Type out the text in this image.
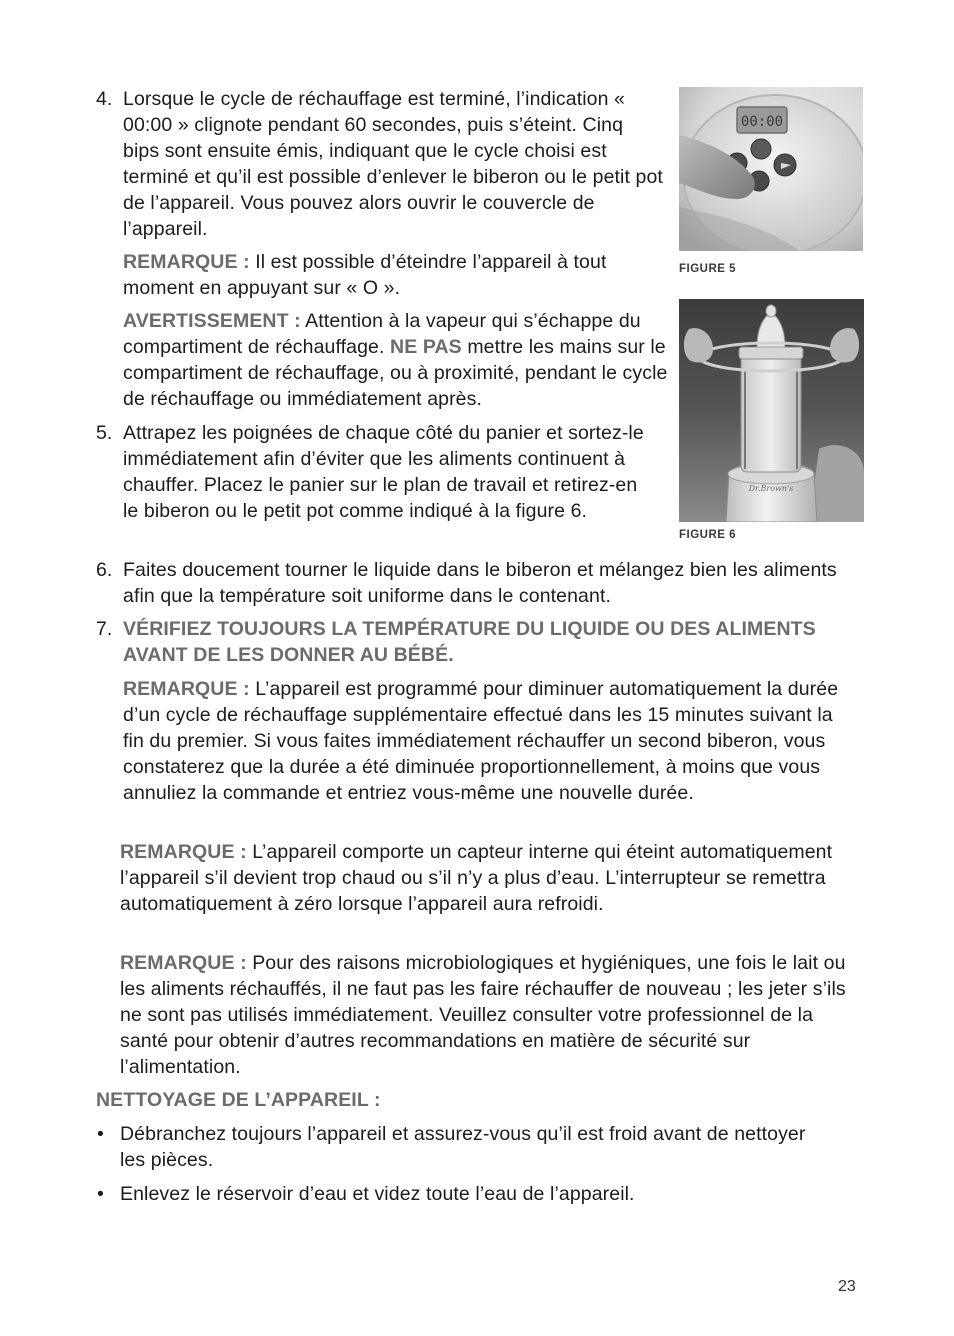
4. Lorsque le cycle de réchauffage est terminé, l’indication « 00:00 » clignote pendant 60 secondes, puis s’éteint. Cinq bips sont ensuite émis, indiquant que le cycle choisi est terminé et qu’il est possible d’enlever le biberon ou le petit pot de l’appareil. Vous pouvez alors ouvrir le couvercle de l’appareil.

REMARQUE : Il est possible d’éteindre l’appareil à tout moment en appuyant sur « O ».

AVERTISSEMENT : Attention à la vapeur qui s’échappe du compartiment de réchauffage. NE PAS mettre les mains sur le compartiment de réchauffage, ou à proximité, pendant le cycle de réchauffage ou immédiatement après.

5. Attrapez les poignées de chaque côté du panier et sortez-le immédiatement afin d’éviter que les aliments continuent à chauffer. Placez le panier sur le plan de travail et retirez-en le biberon ou le petit pot comme indiqué à la figure 6.

6. Faites doucement tourner le liquide dans le biberon et mélangez bien les aliments afin que la température soit uniforme dans le contenant.

7. VÉRIFIEZ TOUJOURS LA TEMPÉRATURE DU LIQUIDE OU DES ALIMENTS AVANT DE LES DONNER AU BÉBÉ.

REMARQUE : L’appareil est programmé pour diminuer automatiquement la durée d’un cycle de réchauffage supplémentaire effectué dans les 15 minutes suivant la fin du premier. Si vous faites immédiatement réchauffer un second biberon, vous constaterez que la durée a été diminuée proportionnellement, à moins que vous annuliez la commande et entriez vous-même une nouvelle durée.

REMARQUE : L’appareil comporte un capteur interne qui éteint automatiquement l’appareil s’il devient trop chaud ou s’il n’y a plus d’eau. L’interrupteur se remettra automatiquement à zéro lorsque l’appareil aura refroidi.

REMARQUE : Pour des raisons microbiologiques et hygiéniques, une fois le lait ou les aliments réchauffés, il ne faut pas les faire réchauffer de nouveau ; les jeter s’ils ne sont pas utilisés immédiatement. Veuillez consulter votre professionnel de la santé pour obtenir d’autres recommandations en matière de sécurité sur l’alimentation.

NETTOYAGE DE L’APPAREIL :
• Débranchez toujours l’appareil et assurez-vous qu’il est froid avant de nettoyer les pièces.
• Enlevez le réservoir d’eau et videz toute l’eau de l’appareil.
00:00
FIGURE 5
Dr.Brown's
FIGURE 6
23
